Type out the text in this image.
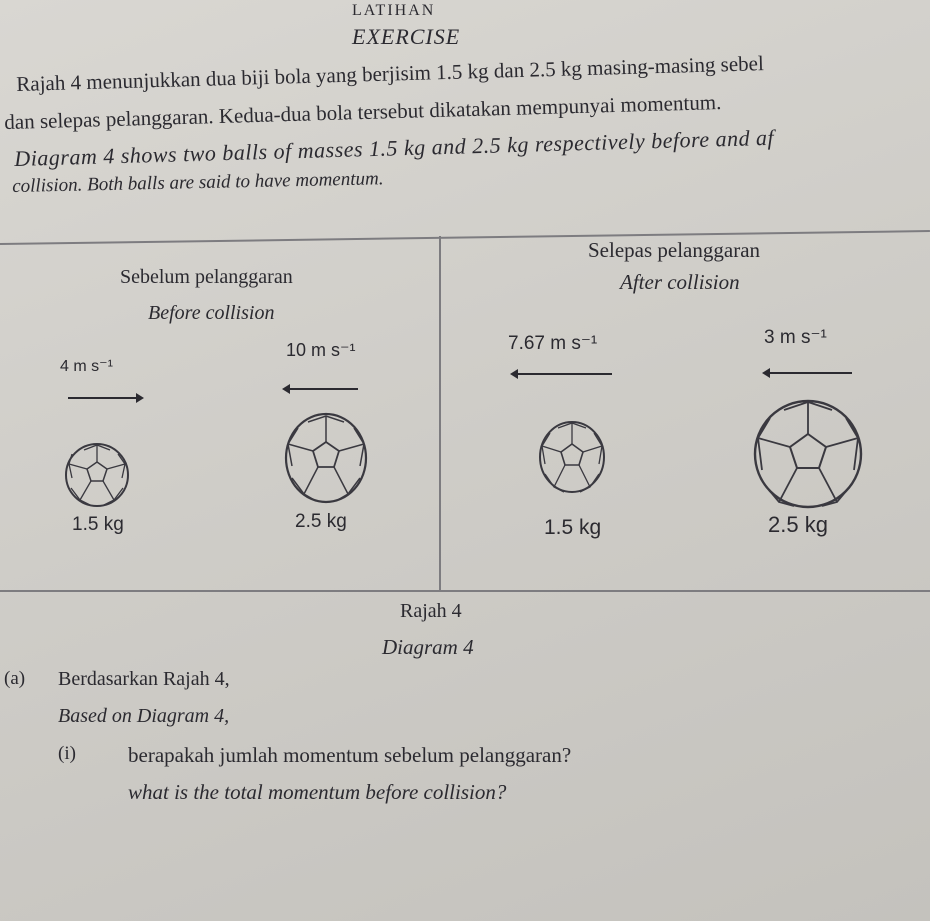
LATIHAN
EXERCISE
Rajah 4 menunjukkan dua biji bola yang berjisim 1.5 kg dan 2.5 kg masing-masing sebel
dan selepas pelanggaran. Kedua-dua bola tersebut dikatakan mempunyai momentum.
Diagram 4 shows two balls of masses 1.5 kg and 2.5 kg respectively before and af
collision. Both balls are said to have momentum.
Sebelum pelanggaran
Before collision
4 m s⁻¹
10 m s⁻¹
1.5 kg	2.5 kg
Selepas pelanggaran
After collision
7.67 m s⁻¹	3 m s⁻¹
1.5 kg	2.5 kg
Rajah 4
Diagram 4
(a) Berdasarkan Rajah 4,
Based on Diagram 4,
(i) berapakah jumlah momentum sebelum pelanggaran?
what is the total momentum before collision?
